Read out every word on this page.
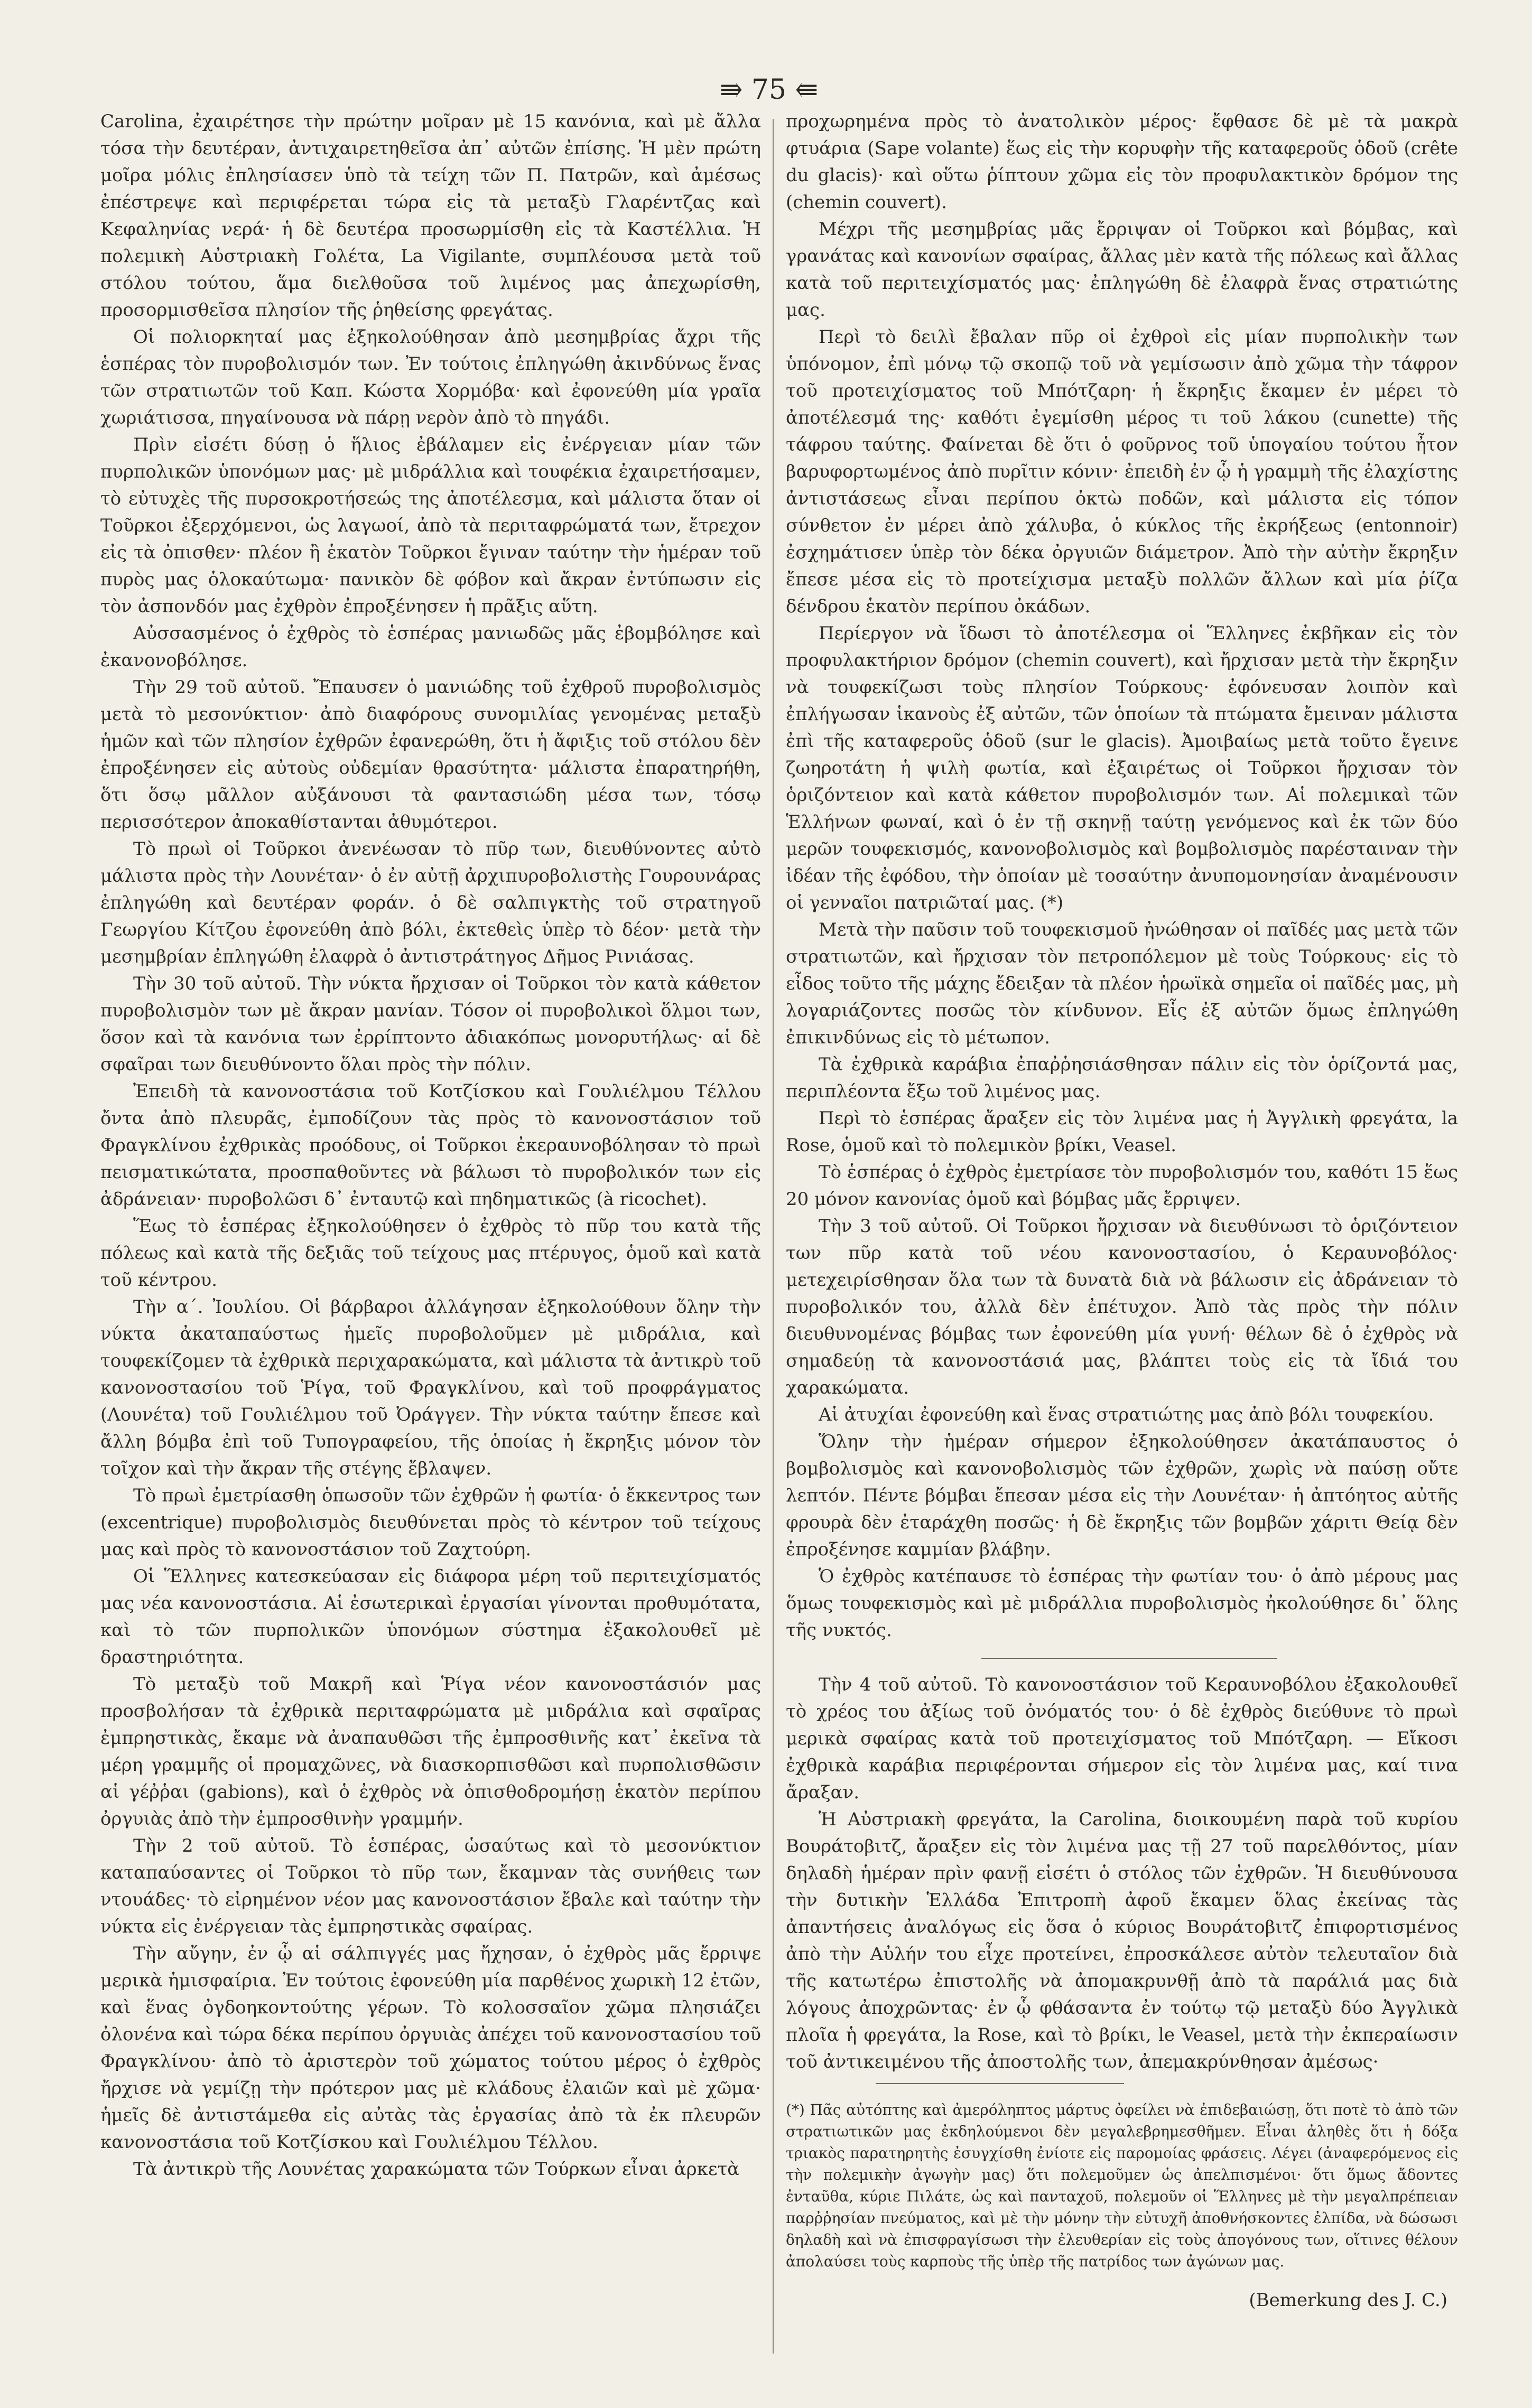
⇛ 75 ⇚

Carolina, ἐχαιρέτησε τὴν πρώτην μοῖραν μὲ 15 κανόνια, καὶ μὲ ἄλλα τόσα τὴν δευτέραν, ἀντιχαιρετηθεῖσα ἀπ᾽ αὐτῶν ἐπίσης. Ἡ μὲν πρώτη μοῖρα μόλις ἐπλησίασεν ὑπὸ τὰ τείχη τῶν Π. Πατρῶν, καὶ ἀμέσως ἐπέστρεψε καὶ περιφέρεται τώρα εἰς τὰ μεταξὺ Γλαρέντζας καὶ Κεφαληνίας νερά· ἡ δὲ δευτέρα προσωρμίσθη εἰς τὰ Καστέλλια. Ἡ πολεμικὴ Αὐστριακὴ Γολέτα, La Vigilante, συμπλέουσα μετὰ τοῦ στόλου τούτου, ἅμα διελθοῦσα τοῦ λιμένος μας ἀπεχωρίσθη, προσορμισθεῖσα πλησίον τῆς ῥηθείσης φρεγάτας.

Οἱ πολιορκηταί μας ἐξηκολούθησαν ἀπὸ μεσημβρίας ἄχρι τῆς ἑσπέρας τὸν πυροβολισμόν των. Ἐν τούτοις ἐπληγώθη ἀκινδύνως ἕνας τῶν στρατιωτῶν τοῦ Καπ. Κώστα Χορμόβα· καὶ ἐφονεύθη μία γραῖα χωριάτισσα, πηγαίνουσα νὰ πάρῃ νερὸν ἀπὸ τὸ πηγάδι.

Πρὶν εἰσέτι δύσῃ ὁ ἥλιος ἐβάλαμεν εἰς ἐνέργειαν μίαν τῶν πυρπολικῶν ὑπονόμων μας· μὲ μιδράλλια καὶ τουφέκια ἐχαιρετήσαμεν, τὸ εὐτυχὲς τῆς πυρσοκροτήσεώς της ἀποτέλεσμα, καὶ μάλιστα ὅταν οἱ Τοῦρκοι ἐξερχόμενοι, ὡς λαγωοί, ἀπὸ τὰ περιταφρώματά των, ἔτρεχον εἰς τὰ ὀπισθεν· πλέον ἢ ἑκατὸν Τοῦρκοι ἔγιναν ταύτην τὴν ἡμέραν τοῦ πυρὸς μας ὁλοκαύτωμα· πανικὸν δὲ φόβον καὶ ἄκραν ἐντύπωσιν εἰς τὸν ἀσπονδόν μας ἐχθρὸν ἐπροξένησεν ἡ πρᾶξις αὕτη.

Αὐσσασμένος ὁ ἐχθρὸς τὸ ἑσπέρας μανιωδῶς μᾶς ἐβομβόλησε καὶ ἐκανονοβόλησε.

Τὴν 29 τοῦ αὐτοῦ. Ἔπαυσεν ὁ μανιώδης τοῦ ἐχθροῦ πυροβολισμὸς μετὰ τὸ μεσονύκτιον· ἀπὸ διαφόρους συνομιλίας γενομένας μεταξὺ ἡμῶν καὶ τῶν πλησίον ἐχθρῶν ἐφανερώθη, ὅτι ἡ ἄφιξις τοῦ στόλου δὲν ἐπροξένησεν εἰς αὐτοὺς οὐδεμίαν θρασύτητα· μάλιστα ἐπαρατηρήθη, ὅτι ὅσῳ μᾶλλον αὐξάνουσι τὰ φαντασιώδη μέσα των, τόσῳ περισσότερον ἀποκαθίστανται ἀθυμότεροι.

Τὸ πρωὶ οἱ Τοῦρκοι ἀνενέωσαν τὸ πῦρ των, διευθύνοντες αὐτὸ μάλιστα πρὸς τὴν Λουνέταν· ὁ ἐν αὐτῇ ἀρχιπυροβολιστὴς Γουρουνάρας ἐπληγώθη καὶ δευτέραν φοράν. ὁ δὲ σαλπιγκτὴς τοῦ στρατηγοῦ Γεωργίου Κίτζου ἐφονεύθη ἀπὸ βόλι, ἐκτεθεὶς ὑπὲρ τὸ δέον· μετὰ τὴν μεσημβρίαν ἐπληγώθη ἐλαφρὰ ὁ ἀντιστράτηγος Δῆμος Ρινιάσας.

Τὴν 30 τοῦ αὐτοῦ. Τὴν νύκτα ἤρχισαν οἱ Τοῦρκοι τὸν κατὰ κάθετον πυροβολισμὸν των μὲ ἄκραν μανίαν. Τόσον οἱ πυροβολικοὶ ὅλμοι των, ὅσον καὶ τὰ κανόνια των ἐρρίπτοντο ἀδιακόπως μονορυτήλως· αἱ δὲ σφαῖραι των διευθύνοντο ὅλαι πρὸς τὴν πόλιν.

Ἐπειδὴ τὰ κανονοστάσια τοῦ Κοτζίσκου καὶ Γουλιέλμου Τέλλου ὄντα ἀπὸ πλευρᾶς, ἐμποδίζουν τὰς πρὸς τὸ κανονοστάσιον τοῦ Φραγκλίνου ἐχθρικὰς προόδους, οἱ Τοῦρκοι ἐκεραυνοβόλησαν τὸ πρωὶ πεισματικώτατα, προσπαθοῦντες νὰ βάλωσι τὸ πυροβολικόν των εἰς ἀδράνειαν· πυροβολῶσι δ᾽ ἐνταυτῷ καὶ πηδηματικῶς (à ricochet).

Ἕως τὸ ἑσπέρας ἐξηκολούθησεν ὁ ἐχθρὸς τὸ πῦρ του κατὰ τῆς πόλεως καὶ κατὰ τῆς δεξιᾶς τοῦ τείχους μας πτέρυγος, ὁμοῦ καὶ κατὰ τοῦ κέντρου.

Τὴν α´. Ἰουλίου. Οἱ βάρβαροι ἀλλάγησαν ἐξηκολούθουν ὅλην τὴν νύκτα ἀκαταπαύστως ἡμεῖς πυροβολοῦμεν μὲ μιδράλια, καὶ τουφεκίζομεν τὰ ἐχθρικὰ περιχαρακώματα, καὶ μάλιστα τὰ ἀντικρὺ τοῦ κανονοστασίου τοῦ Ῥίγα, τοῦ Φραγκλίνου, καὶ τοῦ προφράγματος (Λουνέτα) τοῦ Γουλιέλμου τοῦ Ὀράγγεν. Τὴν νύκτα ταύτην ἔπεσε καὶ ἄλλη βόμβα ἐπὶ τοῦ Τυπογραφείου, τῆς ὁποίας ἡ ἔκρηξις μόνον τὸν τοῖχον καὶ τὴν ἄκραν τῆς στέγης ἔβλαψεν.

Τὸ πρωὶ ἐμετρίασθη ὁπωσοῦν τῶν ἐχθρῶν ἡ φωτία· ὁ ἔκκεντρος των (excentrique) πυροβολισμὸς διευθύνεται πρὸς τὸ κέντρον τοῦ τείχους μας καὶ πρὸς τὸ κανονοστάσιον τοῦ Ζαχτούρη.

Οἱ Ἕλληνες κατεσκεύασαν εἰς διάφορα μέρη τοῦ περιτειχίσματός μας νέα κανονοστάσια. Αἱ ἐσωτερικαὶ ἐργασίαι γίνονται προθυμότατα, καὶ τὸ τῶν πυρπολικῶν ὑπονόμων σύστημα ἐξακολουθεῖ μὲ δραστηριότητα.

Τὸ μεταξὺ τοῦ Μακρῆ καὶ Ῥίγα νέον κανονοστάσιόν μας προσβολήσαν τὰ ἐχθρικὰ περιταφρώματα μὲ μιδράλια καὶ σφαῖρας ἐμπρηστικὰς, ἔκαμε νὰ ἀναπαυθῶσι τῆς ἐμπροσθινῆς κατ᾽ ἐκεῖνα τὰ μέρη γραμμῆς οἱ προμαχῶνες, νὰ διασκορπισθῶσι καὶ πυρπολισθῶσιν αἱ γέῤῥαι (gabions), καὶ ὁ ἐχθρὸς νὰ ὀπισθοδρομήσῃ ἑκατὸν περίπου ὀργυιὰς ἀπὸ τὴν ἐμπροσθινὴν γραμμήν.

Τὴν 2 τοῦ αὐτοῦ. Τὸ ἑσπέρας, ὡσαύτως καὶ τὸ μεσονύκτιον καταπαύσαντες οἱ Τοῦρκοι τὸ πῦρ των, ἔκαμναν τὰς συνήθεις των ντουάδες· τὸ εἰρημένον νέον μας κανονοστάσιον ἔβαλε καὶ ταύτην τὴν νύκτα εἰς ἐνέργειαν τὰς ἐμπρηστικὰς σφαίρας.

Τὴν αὔγην, ἐν ᾧ αἱ σάλπιγγές μας ἤχησαν, ὁ ἐχθρὸς μᾶς ἔρριψε μερικὰ ἡμισφαίρια. Ἐν τούτοις ἐφονεύθη μία παρθένος χωρικὴ 12 ἐτῶν, καὶ ἕνας ὀγδοηκοντούτης γέρων. Τὸ κολοσσαῖον χῶμα πλησιάζει ὀλονένα καὶ τώρα δέκα περίπου ὀργυιὰς ἀπέχει τοῦ κανονοστασίου τοῦ Φραγκλίνου· ἀπὸ τὸ ἀριστερὸν τοῦ χώματος τούτου μέρος ὁ ἐχθρὸς ἤρχισε νὰ γεμίζῃ τὴν πρότερον μας μὲ κλάδους ἐλαιῶν καὶ μὲ χῶμα· ἡμεῖς δὲ ἀντιστάμεθα εἰς αὐτὰς τὰς ἐργασίας ἀπὸ τὰ ἐκ πλευρῶν κανονοστάσια τοῦ Κοτζίσκου καὶ Γουλιέλμου Τέλλου.

Τὰ ἀντικρὺ τῆς Λουνέτας χαρακώματα τῶν Τούρκων εἶναι ἀρκετὰ

προχωρημένα πρὸς τὸ ἀνατολικὸν μέρος· ἔφθασε δὲ μὲ τὰ μακρὰ φτυάρια (Sape volante) ἕως εἰς τὴν κορυφὴν τῆς καταφεροῦς ὁδοῦ (crête du glacis)· καὶ οὕτω ῥίπτουν χῶμα εἰς τὸν προφυλακτικὸν δρόμον της (chemin couvert).

Μέχρι τῆς μεσημβρίας μᾶς ἔρριψαν οἱ Τοῦρκοι καὶ βόμβας, καὶ γρανάτας καὶ κανονίων σφαίρας, ἄλλας μὲν κατὰ τῆς πόλεως καὶ ἄλλας κατὰ τοῦ περιτειχίσματός μας· ἐπληγώθη δὲ ἐλαφρὰ ἕνας στρατιώτης μας.

Περὶ τὸ δειλὶ ἔβαλαν πῦρ οἱ ἐχθροὶ εἰς μίαν πυρπολικὴν των ὑπόνομον, ἐπὶ μόνῳ τῷ σκοπῷ τοῦ νὰ γεμίσωσιν ἀπὸ χῶμα τὴν τάφρον τοῦ προτειχίσματος τοῦ Μπότζαρη· ἡ ἔκρηξις ἔκαμεν ἐν μέρει τὸ ἀποτέλεσμά της· καθότι ἐγεμίσθη μέρος τι τοῦ λάκου (cunette) τῆς τάφρου ταύτης. Φαίνεται δὲ ὅτι ὁ φοῦρνος τοῦ ὑπογαίου τούτου ἦτον βαρυφορτωμένος ἀπὸ πυρῖτιν κόνιν· ἐπειδὴ ἐν ᾧ ἡ γραμμὴ τῆς ἐλαχίστης ἀντιστάσεως εἶναι περίπου ὀκτὼ ποδῶν, καὶ μάλιστα εἰς τόπον σύνθετον ἐν μέρει ἀπὸ χάλυβα, ὁ κύκλος τῆς ἐκρήξεως (entonnoir) ἐσχημάτισεν ὑπὲρ τὸν δέκα ὀργυιῶν διάμετρον. Ἀπὸ τὴν αὐτὴν ἔκρηξιν ἔπεσε μέσα εἰς τὸ προτείχισμα μεταξὺ πολλῶν ἄλλων καὶ μία ῥίζα δένδρου ἑκατὸν περίπου ὀκάδων.

Περίεργον νὰ ἴδωσι τὸ ἀποτέλεσμα οἱ Ἕλληνες ἐκβῆκαν εἰς τὸν προφυλακτήριον δρόμον (chemin couvert), καὶ ἤρχισαν μετὰ τὴν ἔκρηξιν νὰ τουφεκίζωσι τοὺς πλησίον Τούρκους· ἐφόνευσαν λοιπὸν καὶ ἐπλήγωσαν ἱκανοὺς ἐξ αὐτῶν, τῶν ὁποίων τὰ πτώματα ἔμειναν μάλιστα ἐπὶ τῆς καταφεροῦς ὁδοῦ (sur le glacis). Ἀμοιβαίως μετὰ τοῦτο ἔγεινε ζωηροτάτη ἡ ψιλὴ φωτία, καὶ ἐξαιρέτως οἱ Τοῦρκοι ἤρχισαν τὸν ὁριζόντειον καὶ κατὰ κάθετον πυροβολισμόν των. Αἱ πολεμικαὶ τῶν Ἑλλήνων φωναί, καὶ ὁ ἐν τῇ σκηνῇ ταύτῃ γενόμενος καὶ ἐκ τῶν δύο μερῶν τουφεκισμός, κανονοβολισμὸς καὶ βομβολισμὸς παρέσταιναν τὴν ἰδέαν τῆς ἐφόδου, τὴν ὁποίαν μὲ τοσαύτην ἀνυπομονησίαν ἀναμένουσιν οἱ γενναῖοι πατριῶταί μας. (*)

Μετὰ τὴν παῦσιν τοῦ τουφεκισμοῦ ἠνώθησαν οἱ παῖδές μας μετὰ τῶν στρατιωτῶν, καὶ ἤρχισαν τὸν πετροπόλεμον μὲ τοὺς Τούρκους· εἰς τὸ εἶδος τοῦτο τῆς μάχης ἔδειξαν τὰ πλέον ἡρωϊκὰ σημεῖα οἱ παῖδές μας, μὴ λογαριάζοντες ποσῶς τὸν κίνδυνον. Εἷς ἐξ αὐτῶν ὅμως ἐπληγώθη ἐπικινδύνως εἰς τὸ μέτωπον.

Τὰ ἐχθρικὰ καράβια ἐπαῤῥησιάσθησαν πάλιν εἰς τὸν ὁρίζοντά μας, περιπλέοντα ἔξω τοῦ λιμένος μας.

Περὶ τὸ ἑσπέρας ἄραξεν εἰς τὸν λιμένα μας ἡ Ἀγγλικὴ φρεγάτα, la Rose, ὁμοῦ καὶ τὸ πολεμικὸν βρίκι, Veasel.

Τὸ ἑσπέρας ὁ ἐχθρὸς ἐμετρίασε τὸν πυροβολισμόν του, καθότι 15 ἕως 20 μόνον κανονίας ὁμοῦ καὶ βόμβας μᾶς ἔρριψεν.

Τὴν 3 τοῦ αὐτοῦ. Οἱ Τοῦρκοι ἤρχισαν νὰ διευθύνωσι τὸ ὁριζόντειον των πῦρ κατὰ τοῦ νέου κανονοστασίου, ὁ Κεραυνοβόλος· μετεχειρίσθησαν ὅλα των τὰ δυνατὰ διὰ νὰ βάλωσιν εἰς ἀδράνειαν τὸ πυροβολικόν του, ἀλλὰ δὲν ἐπέτυχον. Ἀπὸ τὰς πρὸς τὴν πόλιν διευθυνομένας βόμβας των ἐφονεύθη μία γυνή· θέλων δὲ ὁ ἐχθρὸς νὰ σημαδεύῃ τὰ κανονοστάσιά μας, βλάπτει τοὺς εἰς τὰ ἴδιά του χαρακώματα.

Αἱ ἀτυχίαι ἐφονεύθη καὶ ἕνας στρατιώτης μας ἀπὸ βόλι τουφεκίου.

Ὅλην τὴν ἡμέραν σήμερον ἐξηκολούθησεν ἀκατάπαυστος ὁ βομβολισμὸς καὶ κανονοβολισμὸς τῶν ἐχθρῶν, χωρὶς νὰ παύσῃ οὔτε λεπτόν. Πέντε βόμβαι ἔπεσαν μέσα εἰς τὴν Λουνέταν· ἡ ἀπτόητος αὐτῆς φρουρὰ δὲν ἐταράχθη ποσῶς· ἡ δὲ ἔκρηξις τῶν βομβῶν χάριτι Θείᾳ δὲν ἐπροξένησε καμμίαν βλάβην.

Ὁ ἐχθρὸς κατέπαυσε τὸ ἑσπέρας τὴν φωτίαν του· ὁ ἀπὸ μέρους μας ὅμως τουφεκισμὸς καὶ μὲ μιδράλλια πυροβολισμὸς ἠκολούθησε δι᾽ ὅλης τῆς νυκτός.

Τὴν 4 τοῦ αὐτοῦ. Τὸ κανονοστάσιον τοῦ Κεραυνοβόλου ἐξακολουθεῖ τὸ χρέος του ἀξίως τοῦ ὀνόματός του· ὁ δὲ ἐχθρὸς διεύθυνε τὸ πρωὶ μερικὰ σφαίρας κατὰ τοῦ προτειχίσματος τοῦ Μπότζαρη. — Εἴκοσι ἐχθρικὰ καράβια περιφέρονται σήμερον εἰς τὸν λιμένα μας, καί τινα ἄραξαν.

Ἡ Αὐστριακὴ φρεγάτα, la Carolina, διοικουμένη παρὰ τοῦ κυρίου Βουράτοβιτζ, ἄραξεν εἰς τὸν λιμένα μας τῇ 27 τοῦ παρελθόντος, μίαν δηλαδὴ ἡμέραν πρὶν φανῇ εἰσέτι ὁ στόλος τῶν ἐχθρῶν. Ἡ διευθύνουσα τὴν δυτικὴν Ἑλλάδα Ἐπιτροπὴ ἀφοῦ ἔκαμεν ὅλας ἐκείνας τὰς ἀπαντήσεις ἀναλόγως εἰς ὅσα ὁ κύριος Βουράτοβιτζ ἐπιφορτισμένος ἀπὸ τὴν Αὐλήν του εἶχε προτείνει, ἐπροσκάλεσε αὐτὸν τελευταῖον διὰ τῆς κατωτέρω ἐπιστολῆς νὰ ἀπομακρυνθῇ ἀπὸ τὰ παράλιά μας διὰ λόγους ἀποχρῶντας· ἐν ᾧ φθάσαντα ἐν τούτῳ τῷ μεταξὺ δύο Ἀγγλικὰ πλοῖα ἡ φρεγάτα, la Rose, καὶ τὸ βρίκι, le Veasel, μετὰ τὴν ἐκπεραίωσιν τοῦ ἀντικειμένου τῆς ἀποστολῆς των, ἀπεμακρύνθησαν ἀμέσως·

(*) Πᾶς αὐτόπτης καὶ ἀμερόληπτος μάρτυς ὀφείλει νὰ ἐπιδεβαιώσῃ, ὅτι ποτὲ τὸ ἀπὸ τῶν στρατιωτικῶν μας ἐκδηλούμενοι δὲν μεγαλεβρημεσθῆμεν. Εἶναι ἀληθὲς ὅτι ἡ δόξα τριακὸς παρατηρητὴς ἐσυγχίσθη ἐνίοτε εἰς παρομοίας φράσεις. Λέγει (ἀναφερόμενος εἰς τὴν πολεμικὴν ἀγωγὴν μας) ὅτι πολεμοῦμεν ὡς ἀπελπισμένοι· ὅτι ὅμως ἄδοντες ἐνταῦθα, κύριε Πιλάτε, ὡς καὶ πανταχοῦ, πολεμοῦν οἱ Ἕλληνες μὲ τὴν μεγαλπρέπειαν παρῤῥησίαν πνεύματος, καὶ μὲ τὴν μόνην τὴν εὐτυχῆ ἀποθνήσκοντες ἐλπίδα, νὰ δώσωσι δηλαδὴ καὶ νὰ ἐπισφραγίσωσι τὴν ἐλευθερίαν εἰς τοὺς ἀπογόνους των, οἵτινες θέλουν ἀπολαύσει τοὺς καρποὺς τῆς ὑπὲρ τῆς πατρίδος των ἀγώνων μας.

(Bemerkung des J. C.)
